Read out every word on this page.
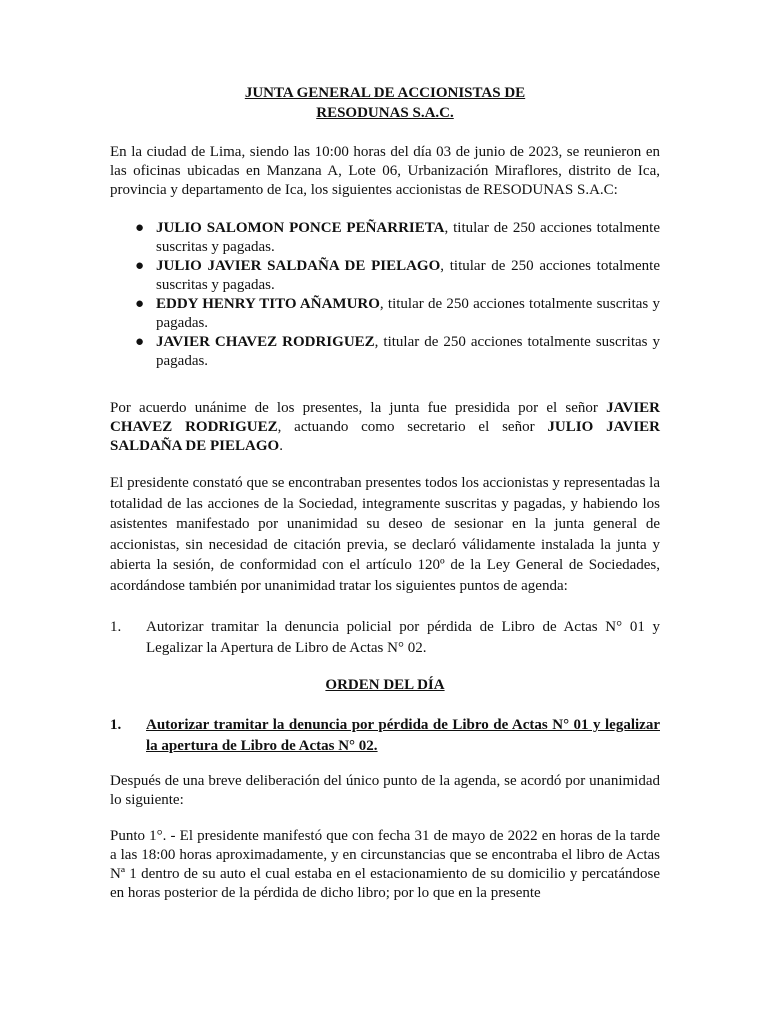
JUNTA GENERAL DE ACCIONISTAS DE

RESODUNAS S.A.C.

En la ciudad de Lima, siendo las 10:00 horas del día 03 de junio de 2023, se reunieron en las oficinas ubicadas en Manzana A, Lote 06, Urbanización Miraflores, distrito de Ica, provincia y departamento de Ica, los siguientes accionistas de RESODUNAS S.A.C:

● JULIO SALOMON PONCE PEÑARRIETA, titular de 250 acciones totalmente suscritas y pagadas.
● JULIO JAVIER SALDAÑA DE PIELAGO, titular de 250 acciones totalmente suscritas y pagadas.
● EDDY HENRY TITO AÑAMURO, titular de 250 acciones totalmente suscritas y pagadas.
● JAVIER CHAVEZ RODRIGUEZ, titular de 250 acciones totalmente suscritas y pagadas.

Por acuerdo unánime de los presentes, la junta fue presidida por el señor JAVIER CHAVEZ RODRIGUEZ, actuando como secretario el señor JULIO JAVIER SALDAÑA DE PIELAGO.

El presidente constató que se encontraban presentes todos los accionistas y representadas la totalidad de las acciones de la Sociedad, integramente suscritas y pagadas, y habiendo los asistentes manifestado por unanimidad su deseo de sesionar en la junta general de accionistas, sin necesidad de citación previa, se declaró válidamente instalada la junta y abierta la sesión, de conformidad con el artículo 120º de la Ley General de Sociedades, acordándose también por unanimidad tratar los siguientes puntos de agenda:

1.	Autorizar tramitar la denuncia policial por pérdida de Libro de Actas N° 01 y Legalizar la Apertura de Libro de Actas N° 02.

ORDEN DEL DÍA

1.	Autorizar tramitar la denuncia por pérdida de Libro de Actas N° 01 y legalizar la apertura de Libro de Actas N° 02.

Después de una breve deliberación del único punto de la agenda, se acordó por unanimidad lo siguiente:

Punto 1°. - El presidente manifestó que con fecha 31 de mayo de 2022 en horas de la tarde a las 18:00 horas aproximadamente, y en circunstancias que se encontraba el libro de Actas Nª 1 dentro de su auto el cual estaba en el estacionamiento de su domicilio y percatándose en horas posterior de la pérdida de dicho libro; por lo que en la presente
